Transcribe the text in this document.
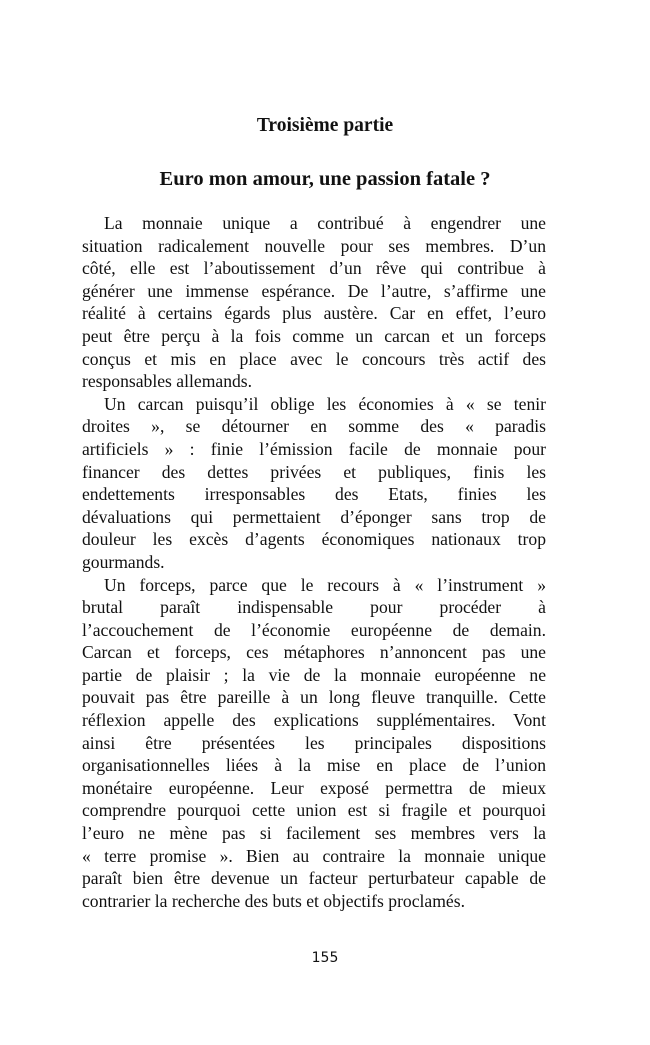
Troisième partie
Euro mon amour, une passion fatale ?
La monnaie unique a contribué à engendrer une
situation radicalement nouvelle pour ses membres. D’un
côté, elle est l’aboutissement d’un rêve qui contribue à
générer une immense espérance. De l’autre, s’affirme une
réalité à certains égards plus austère. Car en effet, l’euro
peut être perçu à la fois comme un carcan et un forceps
conçus et mis en place avec le concours très actif des
responsables allemands.
Un carcan puisqu’il oblige les économies à « se tenir
droites », se détourner en somme des « paradis
artificiels » : finie l’émission facile de monnaie pour
financer des dettes privées et publiques, finis les
endettements irresponsables des Etats, finies les
dévaluations qui permettaient d’éponger sans trop de
douleur les excès d’agents économiques nationaux trop
gourmands.
Un forceps, parce que le recours à « l’instrument »
brutal paraît indispensable pour procéder à
l’accouchement de l’économie européenne de demain.
Carcan et forceps, ces métaphores n’annoncent pas une
partie de plaisir ; la vie de la monnaie européenne ne
pouvait pas être pareille à un long fleuve tranquille. Cette
réflexion appelle des explications supplémentaires. Vont
ainsi être présentées les principales dispositions
organisationnelles liées à la mise en place de l’union
monétaire européenne. Leur exposé permettra de mieux
comprendre pourquoi cette union est si fragile et pourquoi
l’euro ne mène pas si facilement ses membres vers la
« terre promise ». Bien au contraire la monnaie unique
paraît bien être devenue un facteur perturbateur capable de
contrarier la recherche des buts et objectifs proclamés.
155
